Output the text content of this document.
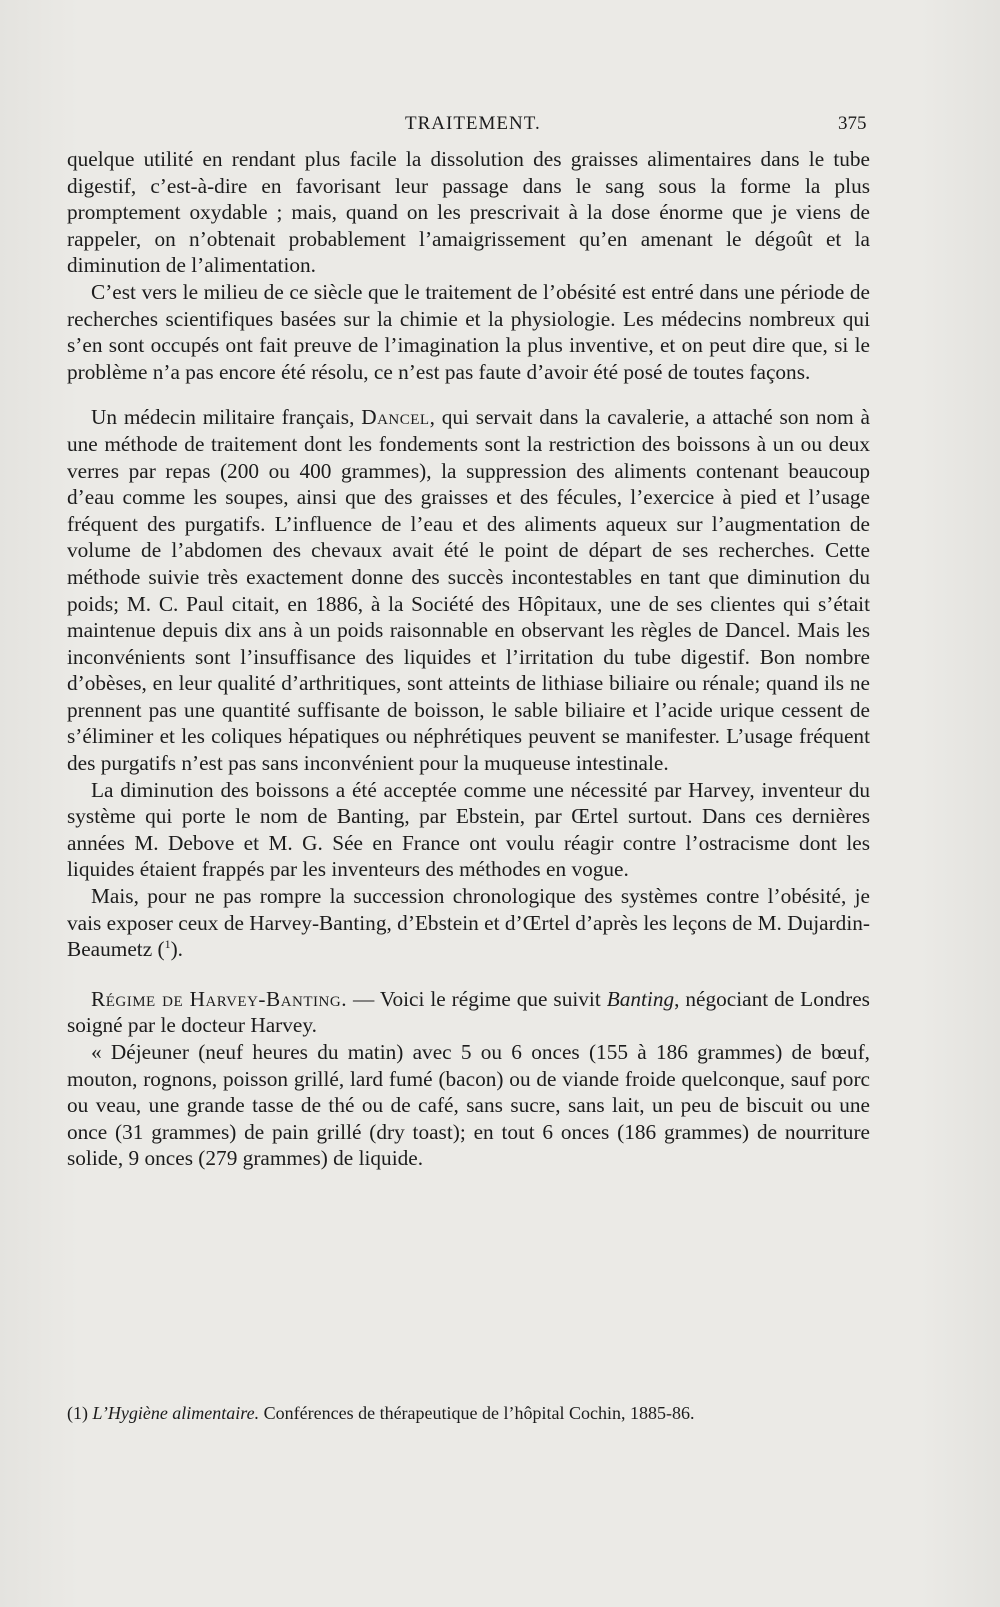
TRAITEMENT.	375

quelque utilité en rendant plus facile la dissolution des graisses alimentaires dans le tube digestif, c’est-à-dire en favorisant leur passage dans le sang sous la forme la plus promptement oxydable ; mais, quand on les prescrivait à la dose énorme que je viens de rappeler, on n’obtenait probablement l’amaigrissement qu’en amenant le dégoût et la diminution de l’alimentation.

C’est vers le milieu de ce siècle que le traitement de l’obésité est entré dans une période de recherches scientifiques basées sur la chimie et la physiologie. Les médecins nombreux qui s’en sont occupés ont fait preuve de l’imagination la plus inventive, et on peut dire que, si le problème n’a pas encore été résolu, ce n’est pas faute d’avoir été posé de toutes façons.

Un médecin militaire français, Dancel, qui servait dans la cavalerie, a attaché son nom à une méthode de traitement dont les fondements sont la restriction des boissons à un ou deux verres par repas (200 ou 400 grammes), la suppression des aliments contenant beaucoup d’eau comme les soupes, ainsi que des graisses et des fécules, l’exercice à pied et l’usage fréquent des purgatifs. L’influence de l’eau et des aliments aqueux sur l’augmentation de volume de l’abdomen des chevaux avait été le point de départ de ses recherches. Cette méthode suivie très exactement donne des succès incontestables en tant que diminution du poids; M. C. Paul citait, en 1886, à la Société des Hôpitaux, une de ses clientes qui s’était maintenue depuis dix ans à un poids raisonnable en observant les règles de Dancel. Mais les inconvénients sont l’insuffisance des liquides et l’irritation du tube digestif. Bon nombre d’obèses, en leur qualité d’arthritiques, sont atteints de lithiase biliaire ou rénale; quand ils ne prennent pas une quantité suffisante de boisson, le sable biliaire et l’acide urique cessent de s’éliminer et les coliques hépatiques ou néphrétiques peuvent se manifester. L’usage fréquent des purgatifs n’est pas sans inconvénient pour la muqueuse intestinale.

La diminution des boissons a été acceptée comme une nécessité par Harvey, inventeur du système qui porte le nom de Banting, par Ebstein, par Œrtel surtout. Dans ces dernières années M. Debove et M. G. Sée en France ont voulu réagir contre l’ostracisme dont les liquides étaient frappés par les inventeurs des méthodes en vogue.

Mais, pour ne pas rompre la succession chronologique des systèmes contre l’obésité, je vais exposer ceux de Harvey-Banting, d’Ebstein et d’Œrtel d’après les leçons de M. Dujardin-Beaumetz ($^1$).

Régime de Harvey-Banting. — Voici le régime que suivit Banting, négociant de Londres soigné par le docteur Harvey.

« Déjeuner (neuf heures du matin) avec 5 ou 6 onces (155 à 186 grammes) de bœuf, mouton, rognons, poisson grillé, lard fumé (bacon) ou de viande froide quelconque, sauf porc ou veau, une grande tasse de thé ou de café, sans sucre, sans lait, un peu de biscuit ou une once (31 grammes) de pain grillé (dry toast); en tout 6 onces (186 grammes) de nourriture solide, 9 onces (279 grammes) de liquide.

(1) L’Hygiène alimentaire. Conférences de thérapeutique de l’hôpital Cochin, 1885-86.
